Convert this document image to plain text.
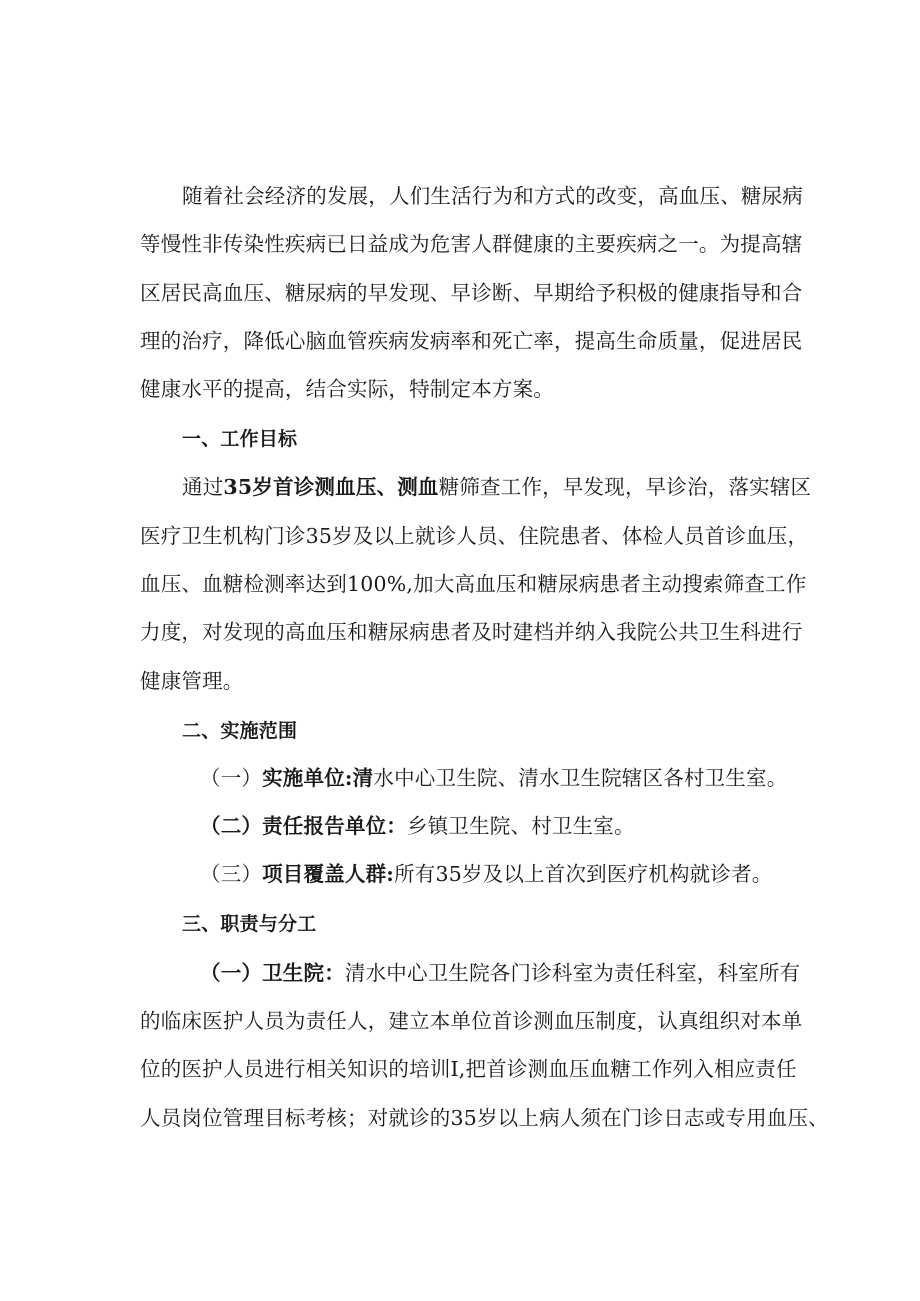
随着社会经济的发展，人们生活行为和方式的改变，高血压、糖尿病
等慢性非传染性疾病已日益成为危害人群健康的主要疾病之一。为提高辖
区居民高血压、糖尿病的早发现、早诊断、早期给予积极的健康指导和合
理的治疗，降低心脑血管疾病发病率和死亡率，提高生命质量，促进居民
健康水平的提高，结合实际，特制定本方案。
一、工作目标
通过35岁首诊测血压、测血糖筛查工作，早发现，早诊治，落实辖区
医疗卫生机构门诊35岁及以上就诊人员、住院患者、体检人员首诊血压，
血压、血糖检测率达到100%,加大高血压和糖尿病患者主动搜索筛查工作
力度，对发现的高血压和糖尿病患者及时建档并纳入我院公共卫生科进行
健康管理。
二、实施范围
（一）实施单位:清水中心卫生院、清水卫生院辖区各村卫生室。
（二）责任报告单位：乡镇卫生院、村卫生室。
（三）项目覆盖人群:所有35岁及以上首次到医疗机构就诊者。
三、职责与分工
（一）卫生院：清水中心卫生院各门诊科室为责任科室，科室所有
的临床医护人员为责任人，建立本单位首诊测血压制度，认真组织对本单
位的医护人员进行相关知识的培训I,把首诊测血压血糖工作列入相应责任
人员岗位管理目标考核；对就诊的35岁以上病人须在门诊日志或专用血压、
